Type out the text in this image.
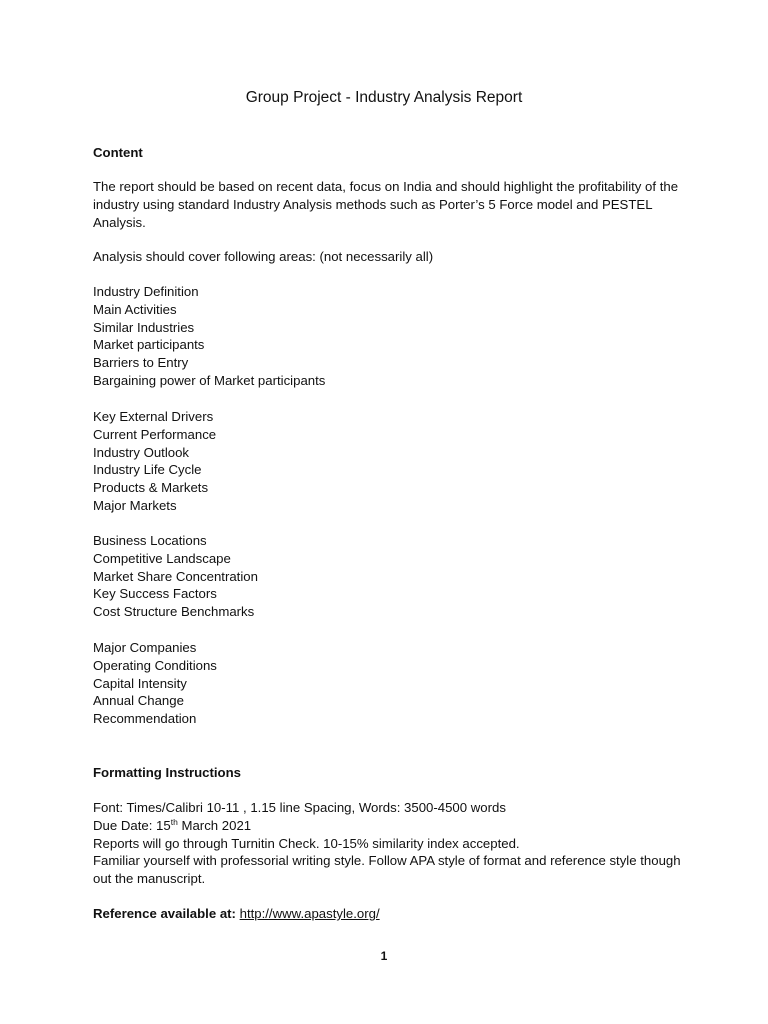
Group Project - Industry Analysis Report
Content
The report should be based on recent data, focus on India and should highlight the profitability of the industry using standard Industry Analysis methods such as Porter’s 5 Force model and PESTEL Analysis.
Analysis should cover following areas: (not necessarily all)
Industry Definition
Main Activities
Similar Industries
Market participants
Barriers to Entry
Bargaining power of Market participants
Key External Drivers
Current Performance
Industry Outlook
Industry Life Cycle
Products & Markets
Major Markets
Business Locations
Competitive Landscape
Market Share Concentration
Key Success Factors
Cost Structure Benchmarks
Major Companies
Operating Conditions
Capital Intensity
Annual Change
Recommendation
Formatting Instructions
Font: Times/Calibri 10-11 , 1.15 line Spacing, Words: 3500-4500 words
Due Date: 15th March 2021
Reports will go through Turnitin Check. 10-15% similarity index accepted.
Familiar yourself with professorial writing style. Follow APA style of format and reference style though out the manuscript.
Reference available at: http://www.apastyle.org/
1
